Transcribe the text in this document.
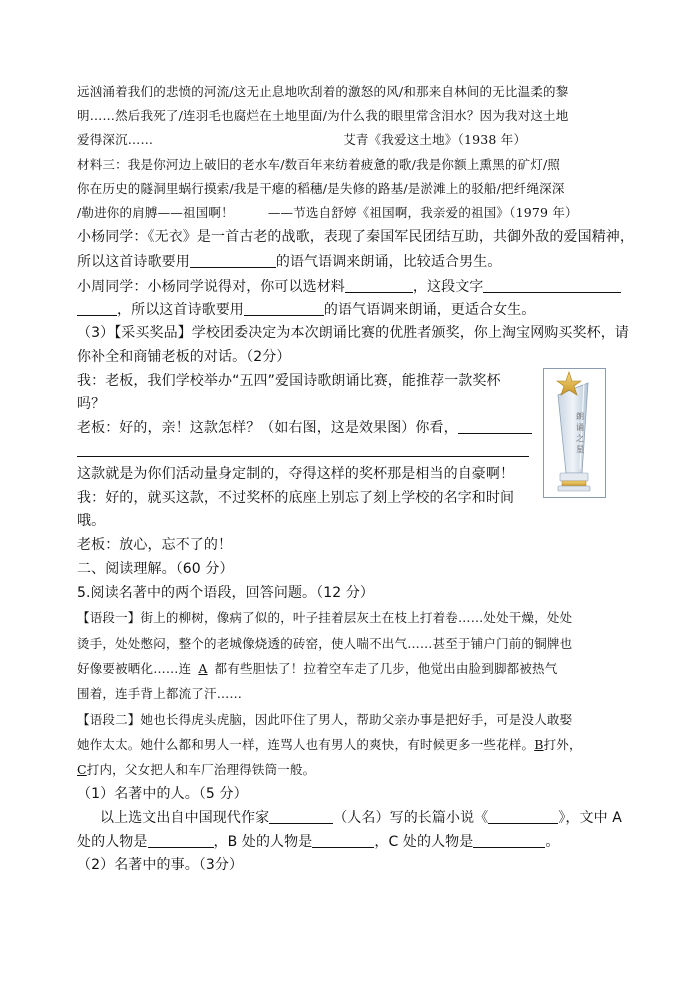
远汹涌着我们的悲愤的河流/这无止息地吹刮着的激怒的风/和那来自林间的无比温柔的黎
明……然后我死了/连羽毛也腐烂在土地里面/为什么我的眼里常含泪水？因为我对这土地
爱得深沉……	艾青《我爱这土地》（1938 年）
材料三：我是你河边上破旧的老水车/数百年来纺着疲惫的歌/我是你额上熏黑的矿灯/照
你在历史的隧洞里蜗行摸索/我是干瘪的稻穗/是失修的路基/是淤滩上的驳船/把纤绳深深
/勒进你的肩膊——祖国啊！	——节选自舒婷《祖国啊，我亲爱的祖国》（1979 年）
小杨同学：《无衣》是一首古老的战歌，表现了秦国军民团结互助，共御外敌的爱国精神，
所以这首诗歌要用	的语气语调来朗诵，比较适合男生。
小周同学：小杨同学说得对，你可以选材料	，这段文字
，所以这首诗歌要用	的语气语调来朗诵，更适合女生。
（3）【采买奖品】学校团委决定为本次朗诵比赛的优胜者颁奖，你上淘宝网购买奖杯，请
你补全和商铺老板的对话。（2分）
我：老板，我们学校举办“五四”爱国诗歌朗诵比赛，能推荐一款奖杯
吗？
老板：好的，亲！这款怎样？（如右图，这是效果图）你看，
这款就是为你们活动量身定制的，夺得这样的奖杯那是相当的自豪啊！
我：好的，就买这款，不过奖杯的底座上别忘了刻上学校的名字和时间
哦。
老板：放心，忘不了的！
朗诵之星
二、阅读理解。（60 分）
5.阅读名著中的两个语段，回答问题。（12 分）
【语段一】街上的柳树，像病了似的，叶子挂着层灰土在枝上打着卷……处处干燥，处处
烫手，处处憋闷，整个的老城像烧透的砖窑，使人喘不出气……甚至于铺户门前的铜牌也
好像要被晒化……连 A 都有些胆怯了！拉着空车走了几步，他觉出由脸到脚都被热气
围着，连手背上都流了汗……
【语段二】她也长得虎头虎脑，因此吓住了男人，帮助父亲办事是把好手，可是没人敢娶
她作太太。她什么都和男人一样，连骂人也有男人的爽快，有时候更多一些花样。B打外，
C打内，父女把人和车厂治理得铁筒一般。
（1）名著中的人。（5 分）
以上选文出自中国现代作家	（人名）写的长篇小说《	》，文中 A
处的人物是	，B 处的人物是	，C 处的人物是	。
（2）名著中的事。（3分）
